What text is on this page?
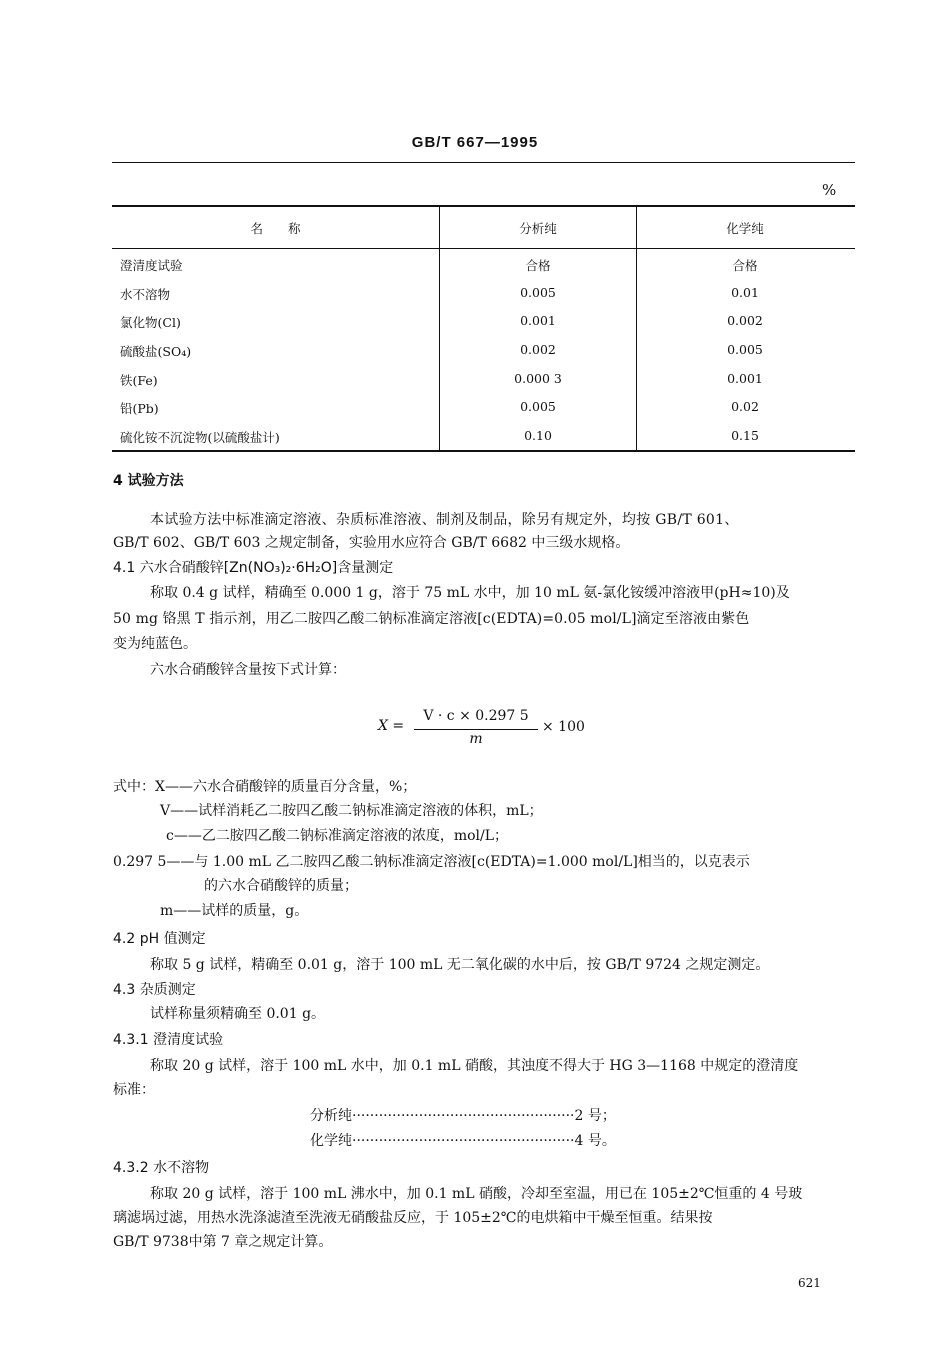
GB/T 667—1995
%
名　　称	分析纯	化学纯
澄清度试验	合格	合格
水不溶物	0.005	0.01
氯化物(Cl)	0.001	0.002
硫酸盐(SO₄)	0.002	0.005
铁(Fe)	0.000 3	0.001
铅(Pb)	0.005	0.02
硫化铵不沉淀物(以硫酸盐计)	0.10	0.15
4 试验方法
本试验方法中标准滴定溶液、杂质标准溶液、制剂及制品，除另有规定外，均按 GB/T 601、
GB/T 602、GB/T 603 之规定制备，实验用水应符合 GB/T 6682 中三级水规格。
4.1 六水合硝酸锌[Zn(NO₃)₂·6H₂O]含量测定
称取 0.4 g 试样，精确至 0.000 1 g，溶于 75 mL 水中，加 10 mL 氨-氯化铵缓冲溶液甲(pH≈10)及
50 mg 铬黑 T 指示剂，用乙二胺四乙酸二钠标准滴定溶液[c(EDTA)=0.05 mol/L]滴定至溶液由紫色
变为纯蓝色。
六水合硝酸锌含量按下式计算：
X =
V · c × 0.297 5
m
× 100
式中：X——六水合硝酸锌的质量百分含量，%；
V——试样消耗乙二胺四乙酸二钠标准滴定溶液的体积，mL；
c——乙二胺四乙酸二钠标准滴定溶液的浓度，mol/L；
0.297 5——与 1.00 mL 乙二胺四乙酸二钠标准滴定溶液[c(EDTA)=1.000 mol/L]相当的，以克表示
的六水合硝酸锌的质量；
m——试样的质量，g。
4.2 pH 值测定
称取 5 g 试样，精确至 0.01 g，溶于 100 mL 无二氧化碳的水中后，按 GB/T 9724 之规定测定。
4.3 杂质测定
试样称量须精确至 0.01 g。
4.3.1 澄清度试验
称取 20 g 试样，溶于 100 mL 水中，加 0.1 mL 硝酸，其浊度不得大于 HG 3—1168 中规定的澄清度
标准：
分析纯··················································2 号；
化学纯··················································4 号。
4.3.2 水不溶物
称取 20 g 试样，溶于 100 mL 沸水中，加 0.1 mL 硝酸，冷却至室温，用已在 105±2℃恒重的 4 号玻
璃滤埚过滤，用热水洗涤滤渣至洗液无硝酸盐反应，于 105±2℃的电烘箱中干燥至恒重。结果按
GB/T 9738中第 7 章之规定计算。
621
